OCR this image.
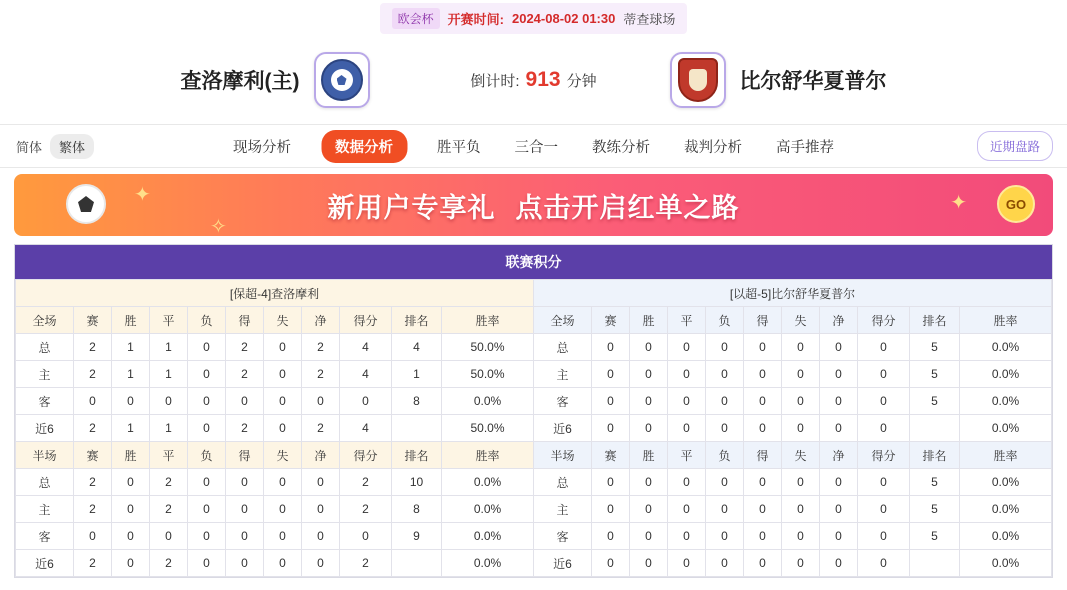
欧会杯	开赛时间: 2024-08-02 01:30 蒂查球场
查洛摩利(主)	倒计时: 913 分钟	比尔舒华夏普尔
简体	繁体	现场分析	数据分析	胜平负 三合一 教练分析 裁判分析 高手推荐	近期盘路
✦
✧
新用户专享礼 点击开启红单之路	✦	GO
联赛积分
[保超-4]查洛摩利											[以超-5]比尔舒华夏普尔										
全场	赛	胜	平	负	得	失	净	得分	排名	胜率	全场	赛	胜	平	负	得	失	净	得分	排名	胜率
总	2	1	1	0	2	0	2	4	4	50.0%	总	0	0	0	0	0	0	0	0	5	0.0%
主	2	1	1	0	2	0	2	4	1	50.0%	主	0	0	0	0	0	0	0	0	5	0.0%
客	0	0	0	0	0	0	0	0	8	0.0%	客	0	0	0	0	0	0	0	0	5	0.0%
近6	2	1	1	0	2	0	2	4		50.0%	近6	0	0	0	0	0	0	0	0		0.0%
半场	赛	胜	平	负	得	失	净	得分	排名	胜率	半场	赛	胜	平	负	得	失	净	得分	排名	胜率
总	2	0	2	0	0	0	0	2	10	0.0%	总	0	0	0	0	0	0	0	0	5	0.0%
主	2	0	2	0	0	0	0	2	8	0.0%	主	0	0	0	0	0	0	0	0	5	0.0%
客	0	0	0	0	0	0	0	0	9	0.0%	客	0	0	0	0	0	0	0	0	5	0.0%
近6	2	0	2	0	0	0	0	2		0.0%	近6	0	0	0	0	0	0	0	0		0.0%
